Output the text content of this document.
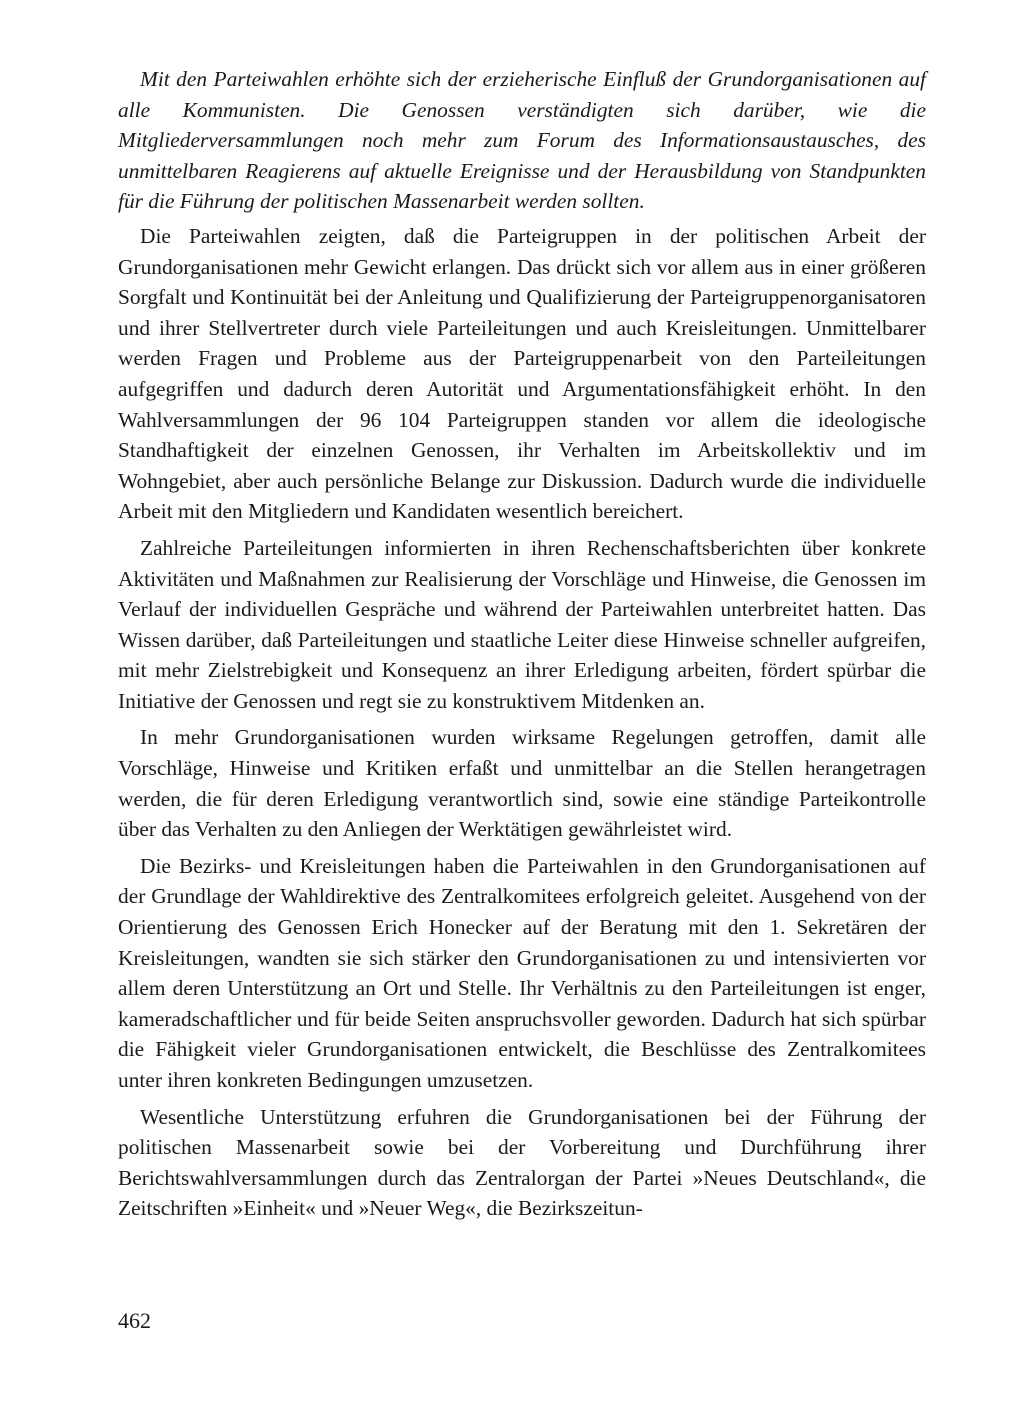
Mit den Parteiwahlen erhöhte sich der erzieherische Einfluß der Grundorganisationen auf alle Kommunisten. Die Genossen verständigten sich darüber, wie die Mitgliederversammlungen noch mehr zum Forum des Informationsaustausches, des unmittelbaren Reagierens auf aktuelle Ereignisse und der Herausbildung von Standpunkten für die Führung der politischen Massenarbeit werden sollten.

Die Parteiwahlen zeigten, daß die Parteigruppen in der politischen Arbeit der Grundorganisationen mehr Gewicht erlangen. Das drückt sich vor allem aus in einer größeren Sorgfalt und Kontinuität bei der Anleitung und Qualifizierung der Parteigruppenorganisatoren und ihrer Stellvertreter durch viele Parteileitungen und auch Kreisleitungen. Unmittelbarer werden Fragen und Probleme aus der Parteigruppenarbeit von den Parteileitungen aufgegriffen und dadurch deren Autorität und Argumentationsfähigkeit erhöht. In den Wahlversammlungen der 96 104 Parteigruppen standen vor allem die ideologische Standhaftigkeit der einzelnen Genossen, ihr Verhalten im Arbeitskollektiv und im Wohngebiet, aber auch persönliche Belange zur Diskussion. Dadurch wurde die individuelle Arbeit mit den Mitgliedern und Kandidaten wesentlich bereichert.

Zahlreiche Parteileitungen informierten in ihren Rechenschaftsberichten über konkrete Aktivitäten und Maßnahmen zur Realisierung der Vorschläge und Hinweise, die Genossen im Verlauf der individuellen Gespräche und während der Parteiwahlen unterbreitet hatten. Das Wissen darüber, daß Parteileitungen und staatliche Leiter diese Hinweise schneller aufgreifen, mit mehr Zielstrebigkeit und Konsequenz an ihrer Erledigung arbeiten, fördert spürbar die Initiative der Genossen und regt sie zu konstruktivem Mitdenken an.

In mehr Grundorganisationen wurden wirksame Regelungen getroffen, damit alle Vorschläge, Hinweise und Kritiken erfaßt und unmittelbar an die Stellen herangetragen werden, die für deren Erledigung verantwortlich sind, sowie eine ständige Parteikontrolle über das Verhalten zu den Anliegen der Werktätigen gewährleistet wird.

Die Bezirks- und Kreisleitungen haben die Parteiwahlen in den Grundorganisationen auf der Grundlage der Wahldirektive des Zentralkomitees erfolgreich geleitet. Ausgehend von der Orientierung des Genossen Erich Honecker auf der Beratung mit den 1. Sekretären der Kreisleitungen, wandten sie sich stärker den Grundorganisationen zu und intensivierten vor allem deren Unterstützung an Ort und Stelle. Ihr Verhältnis zu den Parteileitungen ist enger, kameradschaftlicher und für beide Seiten anspruchsvoller geworden. Dadurch hat sich spürbar die Fähigkeit vieler Grundorganisationen entwickelt, die Beschlüsse des Zentralkomitees unter ihren konkreten Bedingungen umzusetzen.

Wesentliche Unterstützung erfuhren die Grundorganisationen bei der Führung der politischen Massenarbeit sowie bei der Vorbereitung und Durchführung ihrer Berichtswahlversammlungen durch das Zentralorgan der Partei »Neues Deutschland«, die Zeitschriften »Einheit« und »Neuer Weg«, die Bezirkszeitun-

462
